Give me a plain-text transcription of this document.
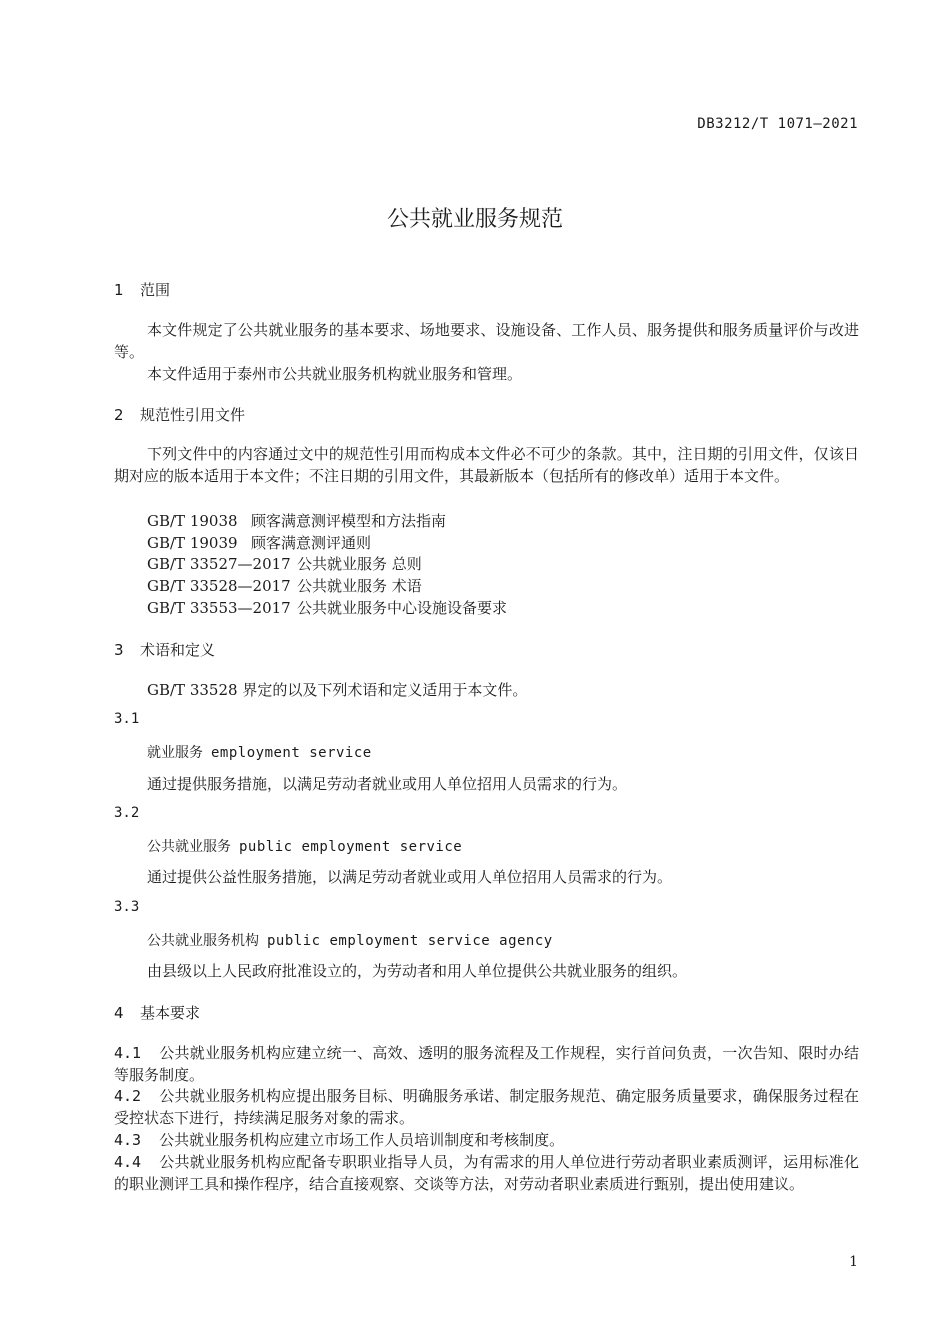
DB3212/T 1071—2021
公共就业服务规范
1 范围
本文件规定了公共就业服务的基本要求、场地要求、设施设备、工作人员、服务提供和服务质量评价与改进等。
本文件适用于泰州市公共就业服务机构就业服务和管理。
2 规范性引用文件
下列文件中的内容通过文中的规范性引用而构成本文件必不可少的条款。其中，注日期的引用文件，仅该日期对应的版本适用于本文件；不注日期的引用文件，其最新版本（包括所有的修改单）适用于本文件。
GB/T 19038 顾客满意测评模型和方法指南
GB/T 19039 顾客满意测评通则
GB/T 33527—2017 公共就业服务 总则
GB/T 33528—2017 公共就业服务 术语
GB/T 33553—2017 公共就业服务中心设施设备要求
3 术语和定义
GB/T 33528 界定的以及下列术语和定义适用于本文件。
3.1
就业服务 employment service
通过提供服务措施，以满足劳动者就业或用人单位招用人员需求的行为。
3.2
公共就业服务 public employment service
通过提供公益性服务措施，以满足劳动者就业或用人单位招用人员需求的行为。
3.3
公共就业服务机构 public employment service agency
由县级以上人民政府批准设立的，为劳动者和用人单位提供公共就业服务的组织。
4 基本要求
4.1 公共就业服务机构应建立统一、高效、透明的服务流程及工作规程，实行首问负责，一次告知、限时办结等服务制度。
4.2 公共就业服务机构应提出服务目标、明确服务承诺、制定服务规范、确定服务质量要求，确保服务过程在受控状态下进行，持续满足服务对象的需求。
4.3 公共就业服务机构应建立市场工作人员培训制度和考核制度。
4.4 公共就业服务机构应配备专职职业指导人员，为有需求的用人单位进行劳动者职业素质测评，运用标准化的职业测评工具和操作程序，结合直接观察、交谈等方法，对劳动者职业素质进行甄别，提出使用建议。
1
